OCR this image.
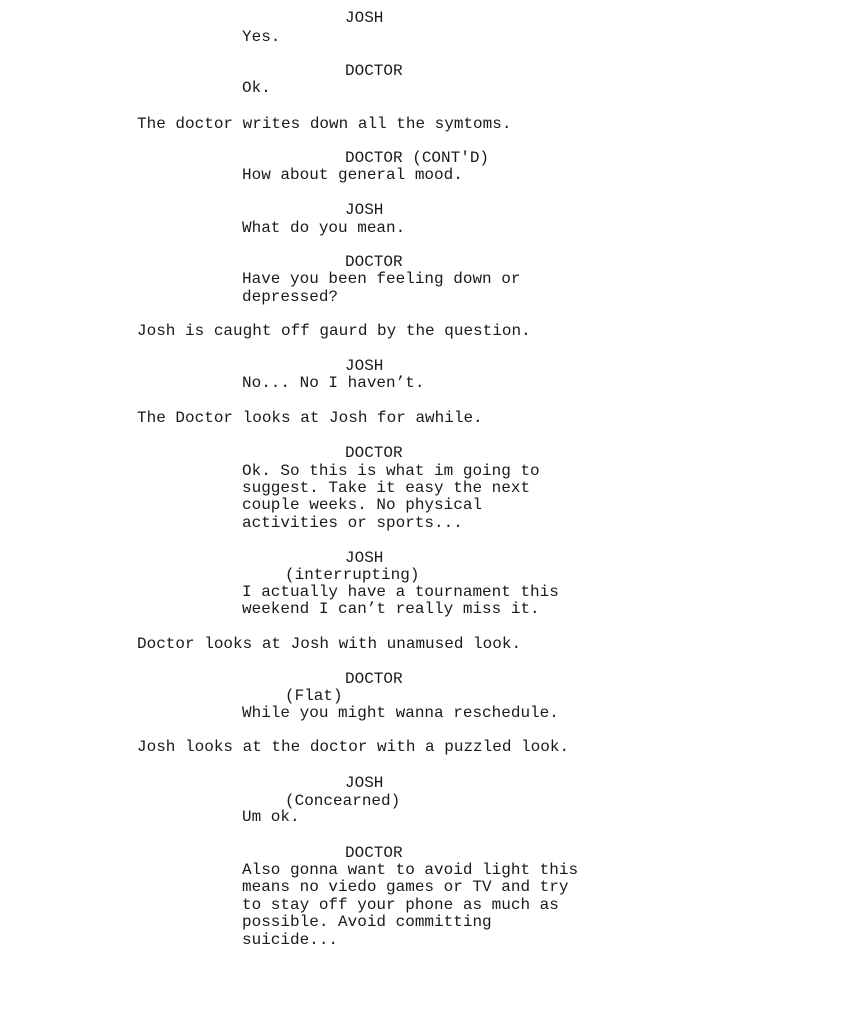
JOSH
Yes.
DOCTOR
Ok.
The doctor writes down all the symtoms.
DOCTOR (CONT'D)
How about general mood.
JOSH
What do you mean.
DOCTOR
Have you been feeling down or
depressed?
Josh is caught off gaurd by the question.
JOSH
No... No I haven’t.
The Doctor looks at Josh for awhile.
DOCTOR
Ok. So this is what im going to
suggest. Take it easy the next
couple weeks. No physical
activities or sports...
JOSH
(interrupting)
I actually have a tournament this
weekend I can’t really miss it.
Doctor looks at Josh with unamused look.
DOCTOR
(Flat)
While you might wanna reschedule.
Josh looks at the doctor with a puzzled look.
JOSH
(Concearned)
Um ok.
DOCTOR
Also gonna want to avoid light this
means no viedo games or TV and try
to stay off your phone as much as
possible. Avoid committing
suicide...
